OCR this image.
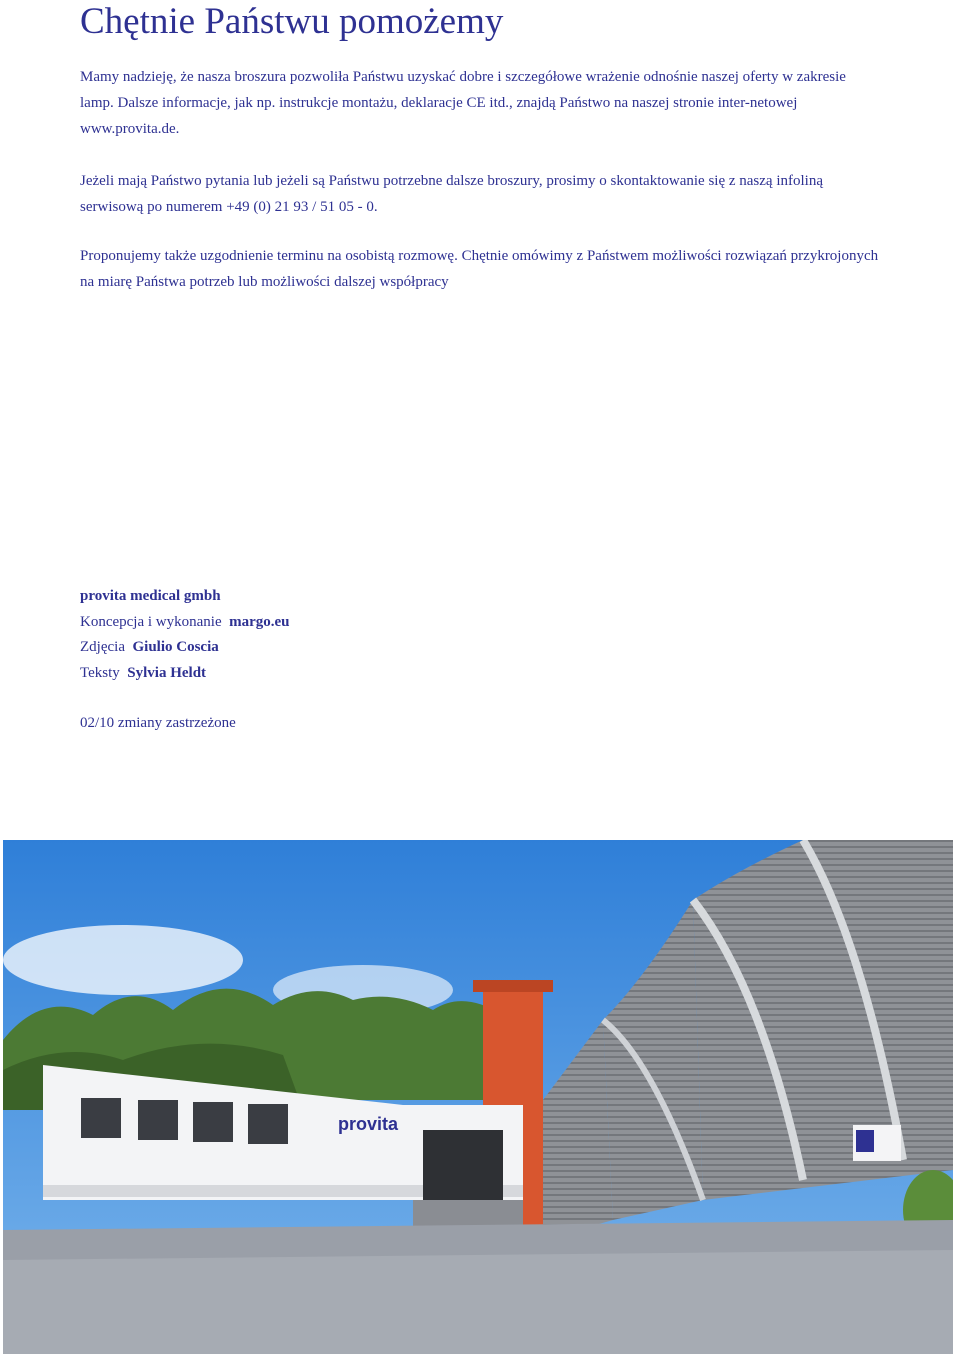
Chętnie Państwu pomożemy

Mamy nadzieję, że nasza broszura pozwoliła Państwu uzyskać dobre i szczegółowe wrażenie odnośnie naszej oferty w zakresie lamp. Dalsze informacje, jak np. instrukcje montażu, deklaracje CE itd., znajdą Państwo na naszej stronie inter-netowej www.provita.de.

Jeżeli mają Państwo pytania lub jeżeli są Państwu potrzebne dalsze broszury, prosimy o skontaktowanie się z naszą infoliną serwisową po numerem +49 (0) 21 93 / 51 05 - 0.

Proponujemy także uzgodnienie terminu na osobistą rozmowę. Chętnie omówimy z Państwem możliwości rozwiązań przykrojonych na miarę Państwa potrzeb lub możliwości dalszej współpracy

provita medical gmbh
Koncepcja i wykonanie margo.eu
Zdjęcia Giulio Coscia
Teksty Sylvia Heldt
02/10 zmiany zastrzeżone
provita
